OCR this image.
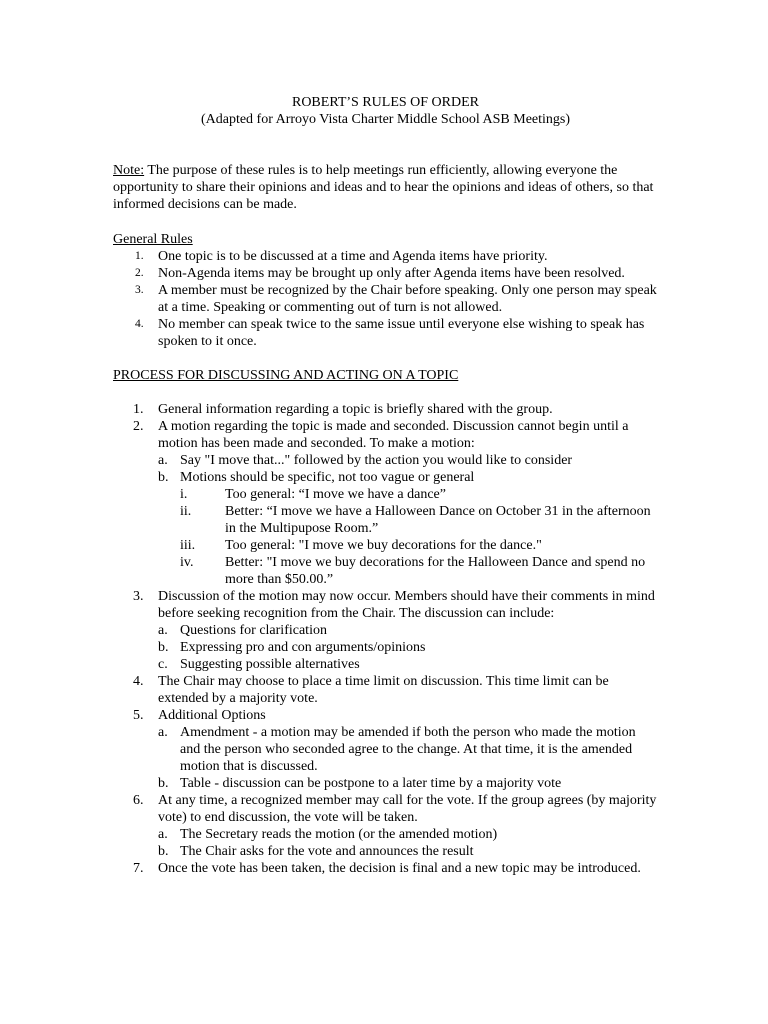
ROBERT’S RULES OF ORDER

(Adapted for Arroyo Vista Charter Middle School ASB Meetings)

Note: The purpose of these rules is to help meetings run efficiently, allowing everyone the opportunity to share their opinions and ideas and to hear the opinions and ideas of others, so that informed decisions can be made.
General Rules
1. One topic is to be discussed at a time and Agenda items have priority.
2. Non-Agenda items may be brought up only after Agenda items have been resolved.
3. A member must be recognized by the Chair before speaking. Only one person may speak at a time. Speaking or commenting out of turn is not allowed.
4. No member can speak twice to the same issue until everyone else wishing to speak has spoken to it once.
PROCESS FOR DISCUSSING AND ACTING ON A TOPIC
1. General information regarding a topic is briefly shared with the group.
2. A motion regarding the topic is made and seconded. Discussion cannot begin until a motion has been made and seconded. To make a motion:
a. Say "I move that..." followed by the action you would like to consider
b. Motions should be specific, not too vague or general
i.	Too general: “I move we have a dance”
ii. Better: “I move we have a Halloween Dance on October 31 in the afternoon in the Multipupose Room.”
iii. Too general: "I move we buy decorations for the dance."
iv. Better: "I move we buy decorations for the Halloween Dance and spend no more than $50.00.”
3. Discussion of the motion may now occur. Members should have their comments in mind before seeking recognition from the Chair. The discussion can include:
a. Questions for clarification
b. Expressing pro and con arguments/opinions
c. Suggesting possible alternatives
4. The Chair may choose to place a time limit on discussion. This time limit can be extended by a majority vote.
5. Additional Options
a. Amendment - a motion may be amended if both the person who made the motion and the person who seconded agree to the change. At that time, it is the amended motion that is discussed.
b. Table - discussion can be postpone to a later time by a majority vote
6. At any time, a recognized member may call for the vote. If the group agrees (by majority vote) to end discussion, the vote will be taken.
a. The Secretary reads the motion (or the amended motion)
b. The Chair asks for the vote and announces the result
7. Once the vote has been taken, the decision is final and a new topic may be introduced.
